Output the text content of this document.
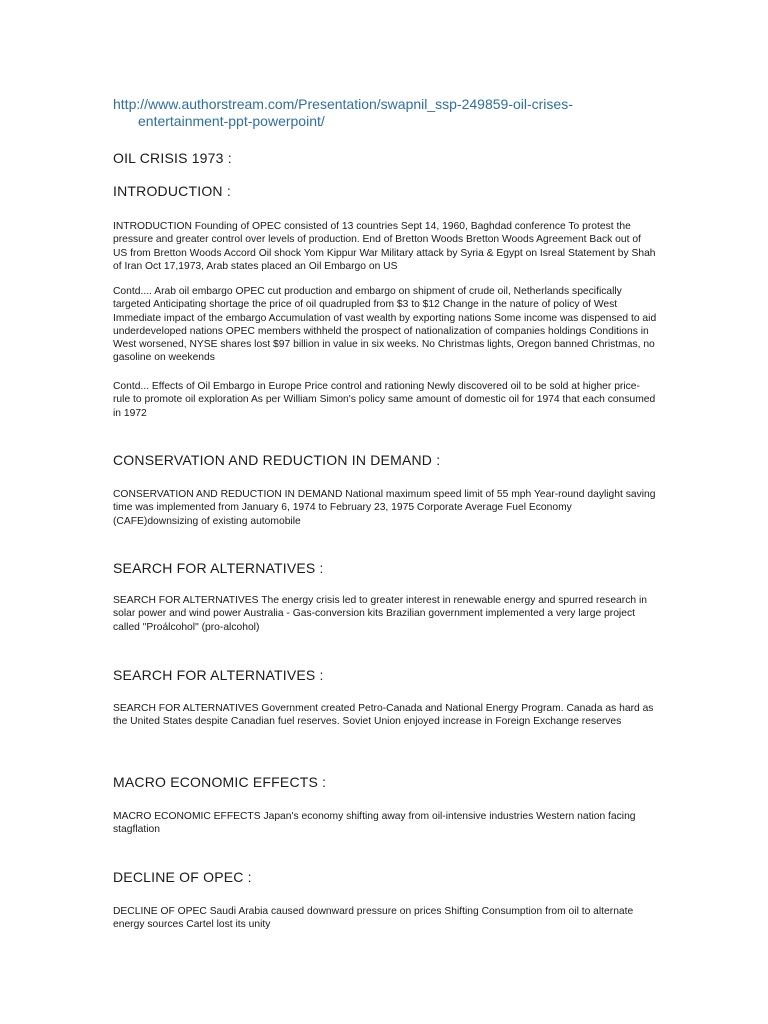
http://www.authorstream.com/Presentation/swapnil_ssp-249859-oil-crises-
entertainment-ppt-powerpoint/
OIL CRISIS 1973 :
INTRODUCTION :
INTRODUCTION Founding of OPEC consisted of 13 countries Sept 14, 1960, Baghdad conference To protest the pressure and greater control over levels of production. End of Bretton Woods Bretton Woods Agreement Back out of US from Bretton Woods Accord Oil shock Yom Kippur War Military attack by Syria & Egypt on Isreal Statement by Shah of Iran Oct 17,1973, Arab states placed an Oil Embargo on US
Contd.... Arab oil embargo OPEC cut production and embargo on shipment of crude oil, Netherlands specifically targeted Anticipating shortage the price of oil quadrupled from $3 to $12 Change in the nature of policy of West Immediate impact of the embargo Accumulation of vast wealth by exporting nations Some income was dispensed to aid underdeveloped nations OPEC members withheld the prospect of nationalization of companies holdings Conditions in West worsened, NYSE shares lost $97 billion in value in six weeks. No Christmas lights, Oregon banned Christmas, no gasoline on weekends
Contd... Effects of Oil Embargo in Europe Price control and rationing Newly discovered oil to be sold at higher price- rule to promote oil exploration As per William Simon's policy same amount of domestic oil for 1974 that each consumed in 1972
CONSERVATION AND REDUCTION IN DEMAND :
CONSERVATION AND REDUCTION IN DEMAND National maximum speed limit of 55 mph Year-round daylight saving time was implemented from January 6, 1974 to February 23, 1975 Corporate Average Fuel Economy (CAFE)downsizing of existing automobile
SEARCH FOR ALTERNATIVES :
SEARCH FOR ALTERNATIVES The energy crisis led to greater interest in renewable energy and spurred research in solar power and wind power Australia - Gas-conversion kits Brazilian government implemented a very large project called "Proálcohol" (pro-alcohol)
SEARCH FOR ALTERNATIVES :
SEARCH FOR ALTERNATIVES Government created Petro-Canada and National Energy Program. Canada as hard as the United States despite Canadian fuel reserves. Soviet Union enjoyed increase in Foreign Exchange reserves
MACRO ECONOMIC EFFECTS :
MACRO ECONOMIC EFFECTS Japan's economy shifting away from oil-intensive industries Western nation facing stagflation
DECLINE OF OPEC :
DECLINE OF OPEC Saudi Arabia caused downward pressure on prices Shifting Consumption from oil to alternate energy sources Cartel lost its unity
